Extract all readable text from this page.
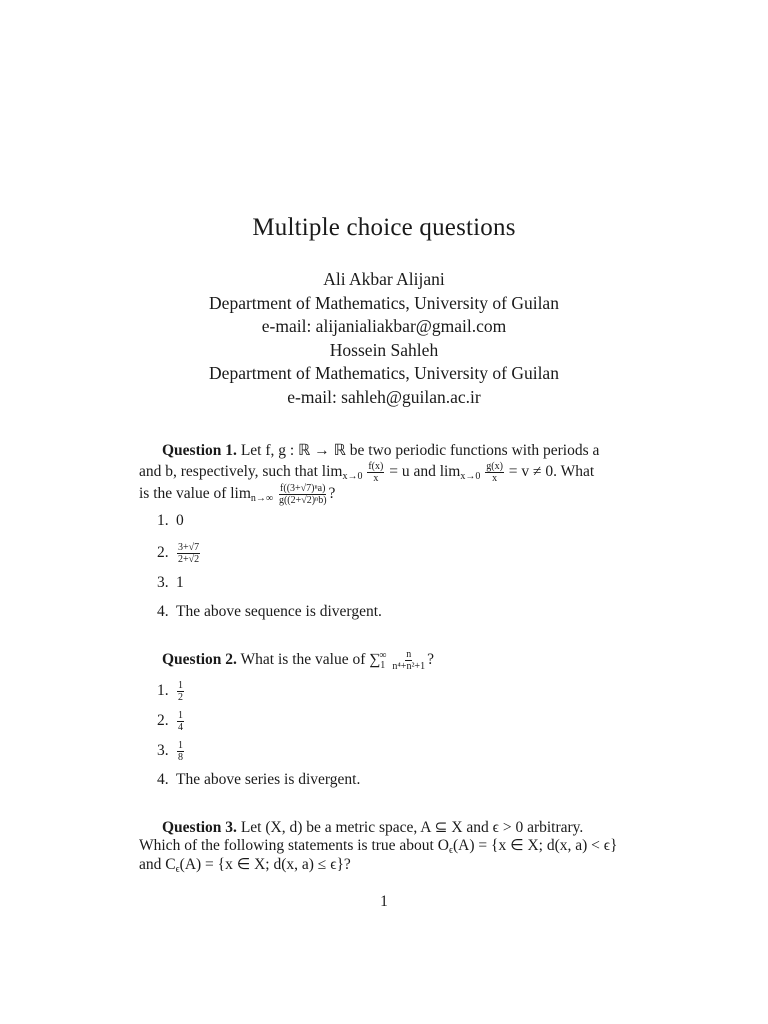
Multiple choice questions
Ali Akbar Alijani
Department of Mathematics, University of Guilan
e-mail: alijanialiakbar@gmail.com
Hossein Sahleh
Department of Mathematics, University of Guilan
e-mail: sahleh@guilan.ac.ir
Question 1. Let f, g : ℝ → ℝ be two periodic functions with periods a
and b, respectively, such that $\lim_{x\to 0} \frac{f(x)}{x} = u$ and $\lim_{x\to 0} \frac{g(x)}{x} = v \ne 0$. What
is the value of $\lim_{n\to\infty} \frac{\text{f((3+√7)ⁿa)}}{\text{g((2+√2)ⁿb)}}$ ?
1. 0
2. $\frac{3+√7}{2+√2}$
3. 1
4. The above sequence is divergent.
Question 2. What is the value of $\sum_1^\infty \frac{n}{\text{n⁴+n²+1}}$ ?
1. $\frac{1}{2}$
2. $\frac{1}{4}$
3. $\frac{1}{8}$
4. The above series is divergent.
Question 3. Let (X, d) be a metric space, A ⊆ X and ϵ > 0 arbitrary.
Which of the following statements is true about $O_\epsilon(A) = \{x$ ∈ X; d(x, a) < ϵ}
and $C_\epsilon(A) = \{x$ ∈ X; d(x, a) ≤ ϵ}?
1
